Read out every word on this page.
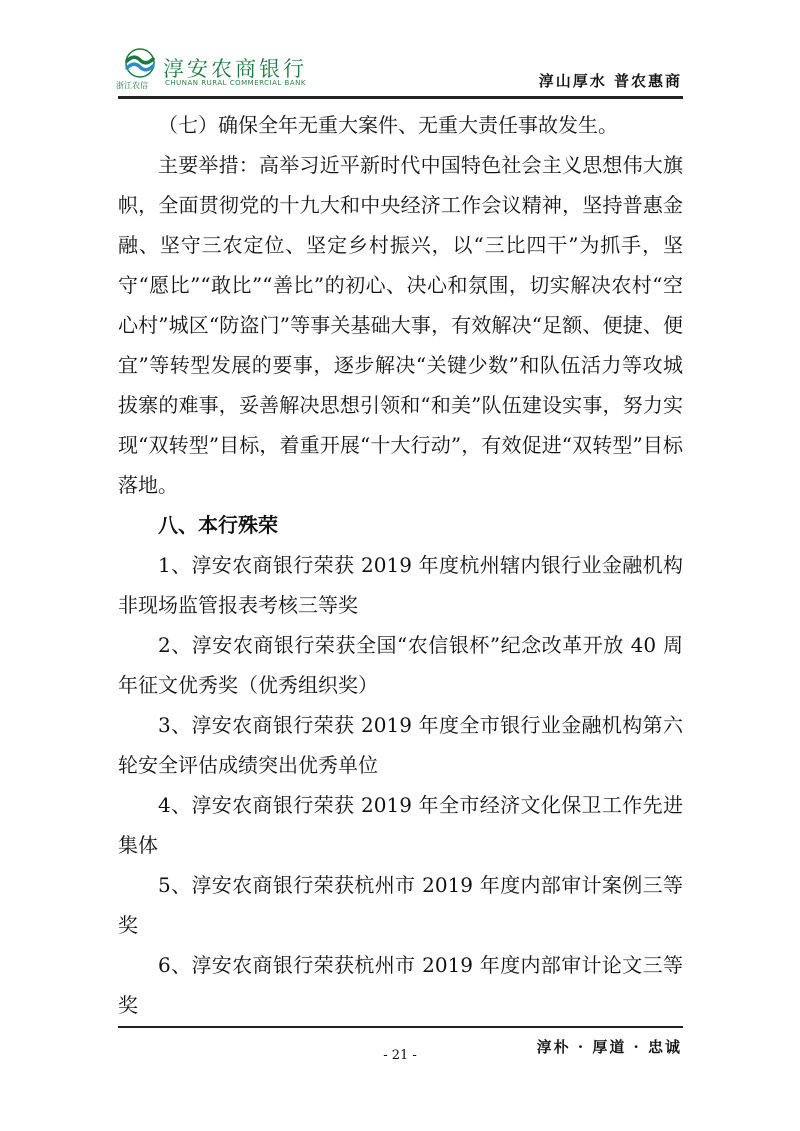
浙江农信
淳安农商银行
CHUNAN RURAL COMMERCIAL BANK	淳山厚水 普农惠商

（七）确保全年无重大案件、无重大责任事故发生。

主要举措：高举习近平新时代中国特色社会主义思想伟大旗帜，全面贯彻党的十九大和中央经济工作会议精神，坚持普惠金融、坚守三农定位、坚定乡村振兴，以“三比四干”为抓手，坚守“愿比”“敢比”“善比”的初心、决心和氛围，切实解决农村“空心村”城区“防盗门”等事关基础大事，有效解决“足额、便捷、便宜”等转型发展的要事，逐步解决“关键少数”和队伍活力等攻城拔寨的难事，妥善解决思想引领和“和美”队伍建设实事，努力实现“双转型”目标，着重开展“十大行动”，有效促进“双转型”目标落地。

八、本行殊荣

1、淳安农商银行荣获 2019 年度杭州辖内银行业金融机构非现场监管报表考核三等奖

2、淳安农商银行荣获全国“农信银杯”纪念改革开放 40 周年征文优秀奖（优秀组织奖）

3、淳安农商银行荣获 2019 年度全市银行业金融机构第六轮安全评估成绩突出优秀单位

4、淳安农商银行荣获 2019 年全市经济文化保卫工作先进集体

5、淳安农商银行荣获杭州市 2019 年度内部审计案例三等奖

6、淳安农商银行荣获杭州市 2019 年度内部审计论文三等奖

淳朴 · 厚道 · 忠诚
- 21 -
